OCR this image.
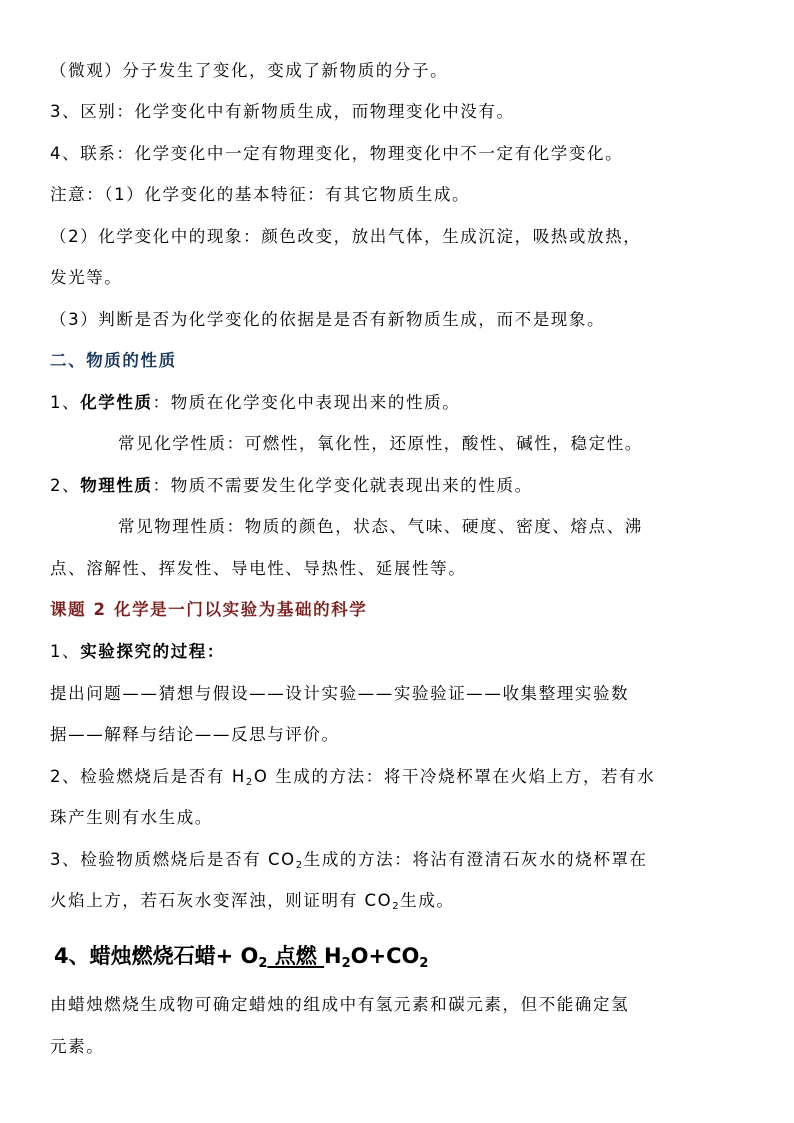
（微观）分子发生了变化，变成了新物质的分子。
3、区别：化学变化中有新物质生成，而物理变化中没有。
4、联系：化学变化中一定有物理变化，物理变化中不一定有化学变化。
注意：（1）化学变化的基本特征：有其它物质生成。
（2）化学变化中的现象：颜色改变，放出气体，生成沉淀，吸热或放热，
发光等。
（3）判断是否为化学变化的依据是是否有新物质生成，而不是现象。
二、物质的性质
1、化学性质：物质在化学变化中表现出来的性质。
常见化学性质：可燃性，氧化性，还原性，酸性、碱性，稳定性。
2、物理性质：物质不需要发生化学变化就表现出来的性质。
常见物理性质：物质的颜色，状态、气味、硬度、密度、熔点、沸
点、溶解性、挥发性、导电性、导热性、延展性等。
课题 2 化学是一门以实验为基础的科学
1、实验探究的过程：
提出问题——猜想与假设——设计实验——实验验证——收集整理实验数
据——解释与结论——反思与评价。
2、检验燃烧后是否有 $H_2O$ 生成的方法：将干冷烧杯罩在火焰上方，若有水
珠产生则有水生成。
3、检验物质燃烧后是否有 $CO_2$生成的方法：将沾有澄清石灰水的烧杯罩在
火焰上方，若石灰水变浑浊，则证明有 $CO_2$生成。
4、蜡烛燃烧石蜡+ $O_2$ 点燃 $H_2O+CO_2$
由蜡烛燃烧生成物可确定蜡烛的组成中有氢元素和碳元素，但不能确定氢
元素。
